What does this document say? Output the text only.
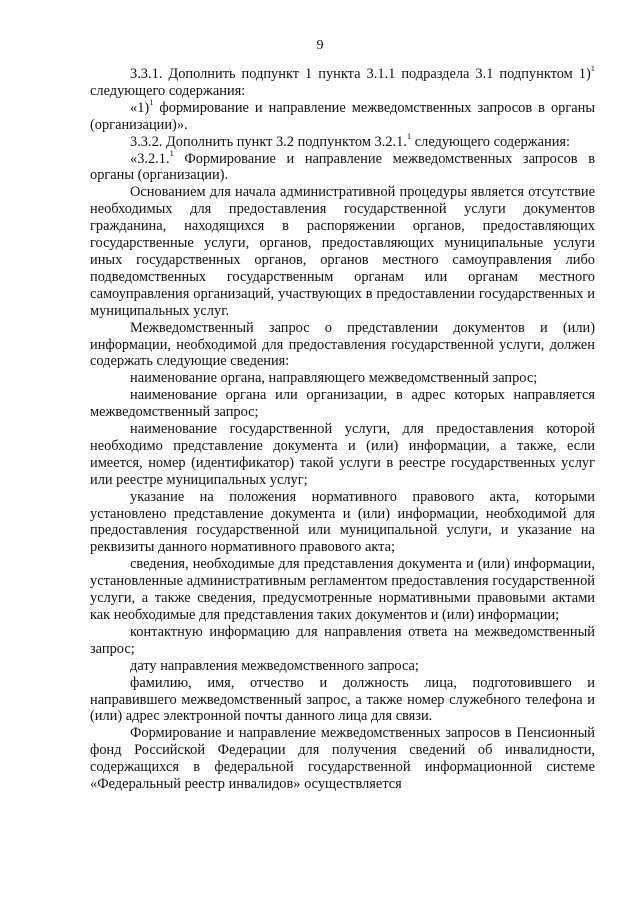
9

3.3.1. Дополнить подпункт 1 пункта 3.1.1 подраздела 3.1 подпунктом 1)$^1$ следующего содержания:

«1)$^1$ формирование и направление межведомственных запросов в органы (организации)».

3.3.2. Дополнить пункт 3.2 подпунктом 3.2.1.$^1$ следующего содержания:

«3.2.1.$^1$ Формирование и направление межведомственных запросов в органы (организации).

Основанием для начала административной процедуры является отсутствие необходимых для предоставления государственной услуги документов гражданина, находящихся в распоряжении органов, предоставляющих государственные услуги, органов, предоставляющих муниципальные услуги иных государственных органов, органов местного самоуправления либо подведомственных государственным органам или органам местного самоуправления организаций, участвующих в предоставлении государственных и муниципальных услуг.

Межведомственный запрос о представлении документов и (или) информации, необходимой для предоставления государственной услуги, должен содержать следующие сведения:

наименование органа, направляющего межведомственный запрос;

наименование органа или организации, в адрес которых направляется межведомственный запрос;

наименование государственной услуги, для предоставления которой необходимо представление документа и (или) информации, а также, если имеется, номер (идентификатор) такой услуги в реестре государственных услуг или реестре муниципальных услуг;

указание на положения нормативного правового акта, которыми установлено представление документа и (или) информации, необходимой для предоставления государственной или муниципальной услуги, и указание на реквизиты данного нормативного правового акта;

сведения, необходимые для представления документа и (или) информации, установленные административным регламентом предоставления государственной услуги, а также сведения, предусмотренные нормативными правовыми актами как необходимые для представления таких документов и (или) информации;

контактную информацию для направления ответа на межведомственный запрос;

дату направления межведомственного запроса;

фамилию, имя, отчество и должность лица, подготовившего и направившего межведомственный запрос, а также номер служебного телефона и (или) адрес электронной почты данного лица для связи.

Формирование и направление межведомственных запросов в Пенсионный фонд Российской Федерации для получения сведений об инвалидности, содержащихся в федеральной государственной информационной системе «Федеральный реестр инвалидов» осуществляется
